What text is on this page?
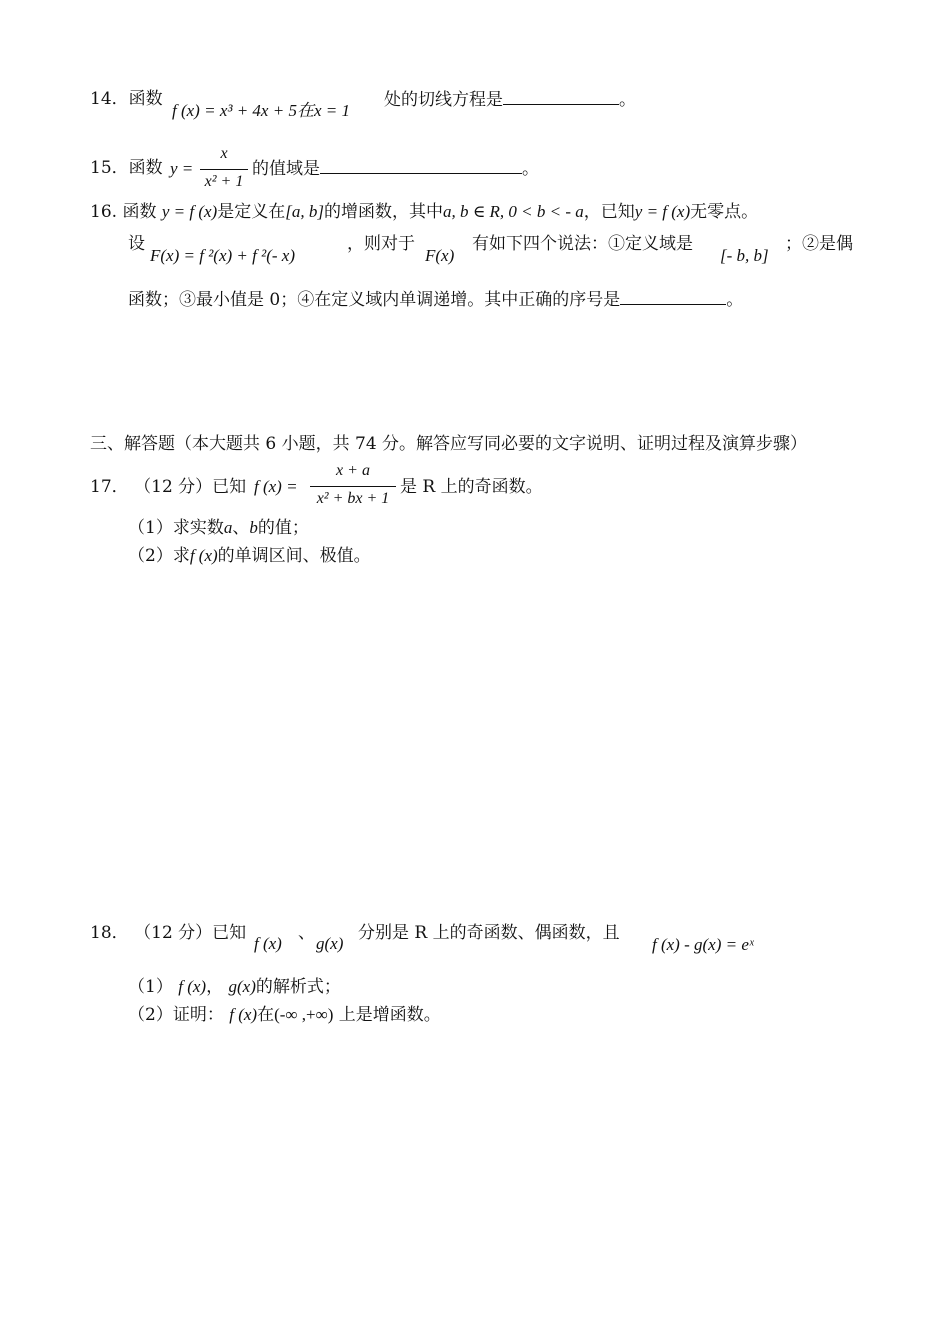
14．函数
f (x) = x³ + 4x + 5在x = 1
处的切线方程是	。
15．函数 y =
x
x² + 1
的值域是	。
16. 函数 y = f (x)是定义在[a, b]的增函数，其中a, b ∈ R, 0 < b < - a，已知y = f (x)无零点。
设
F(x) = f ²(x) + f ²(- x)
，则对于
F(x)
有如下四个说法：①定义域是
[- b, b]
；②是偶
函数；③最小值是 0；④在定义域内单调递增。其中正确的序号是	。
三、解答题（本大题共 6 小题，共 74 分。解答应写同必要的文字说明、证明过程及演算步骤）
17． （12 分）已知 f (x) =
x + a
x² + bx + 1
是 R 上的奇函数。
（1）求实数a、b的值；
（2）求f (x)的单调区间、极值。
18． （12 分）已知
f (x)
、
g(x)
分别是 R 上的奇函数、偶函数，且
f (x) - g(x) = eˣ
（1） f (x)， g(x)的解析式；
（2）证明： f (x)在(-∞ ,+∞) 上是增函数。
